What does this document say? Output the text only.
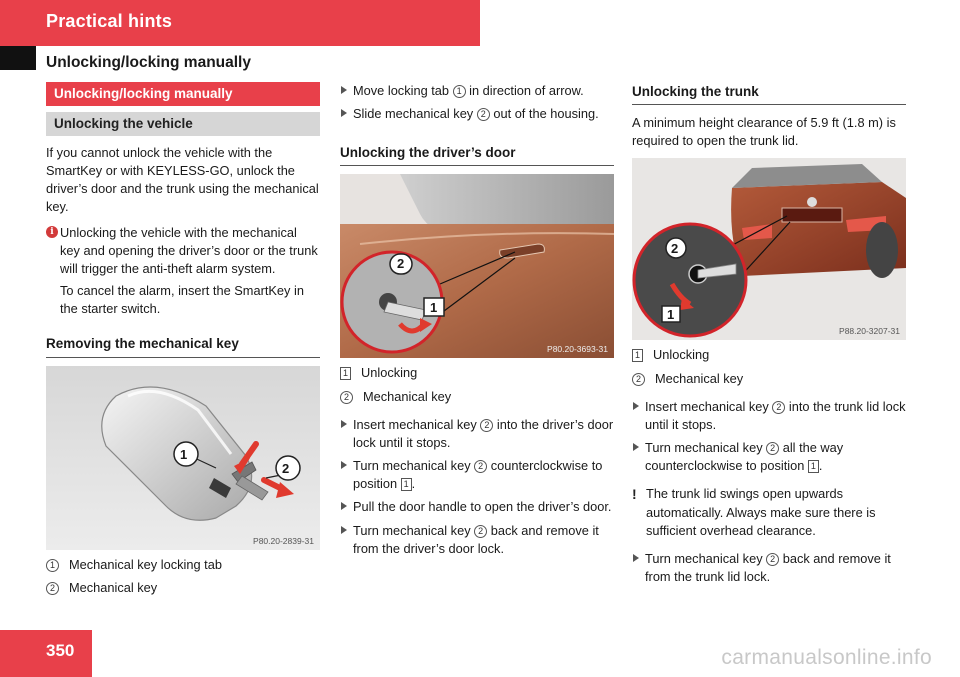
Practical hints
Unlocking/locking manually
Unlocking/locking manually
Unlocking the vehicle

If you cannot unlock the vehicle with the SmartKey or with KEYLESS-GO, unlock the driver’s door and the trunk using the mechanical key.

i Unlocking the vehicle with the mechanical key and opening the driver’s door or the trunk will trigger the anti-theft alarm system.

To cancel the alarm, insert the SmartKey in the starter switch.

Removing the mechanical key
1
2
P80.20-2839-31
1 Mechanical key locking tab
2 Mechanical key
Move locking tab 1 in direction of arrow.
Slide mechanical key 2 out of the housing.
Unlocking the driver’s door
2
1
P80.20-3693-31
1 Unlocking
2 Mechanical key
Insert mechanical key 2 into the driver’s door lock until it stops.
Turn mechanical key 2 counterclockwise to position 1 .
Pull the door handle to open the driver’s door.
Turn mechanical key 2 back and remove it from the driver’s door lock.
Unlocking the trunk

A minimum height clearance of 5.9 ft (1.8 m) is required to open the trunk lid.

2
1
P88.20-3207-31
1 Unlocking
2 Mechanical key
Insert mechanical key 2 into the trunk lid lock until it stops.
Turn mechanical key 2 all the way counterclockwise to position 1 .
! The trunk lid swings open upwards automatically. Always make sure there is sufficient overhead clearance.
Turn mechanical key 2 back and remove it from the trunk lid lock.
350	carmanualsonline.info
